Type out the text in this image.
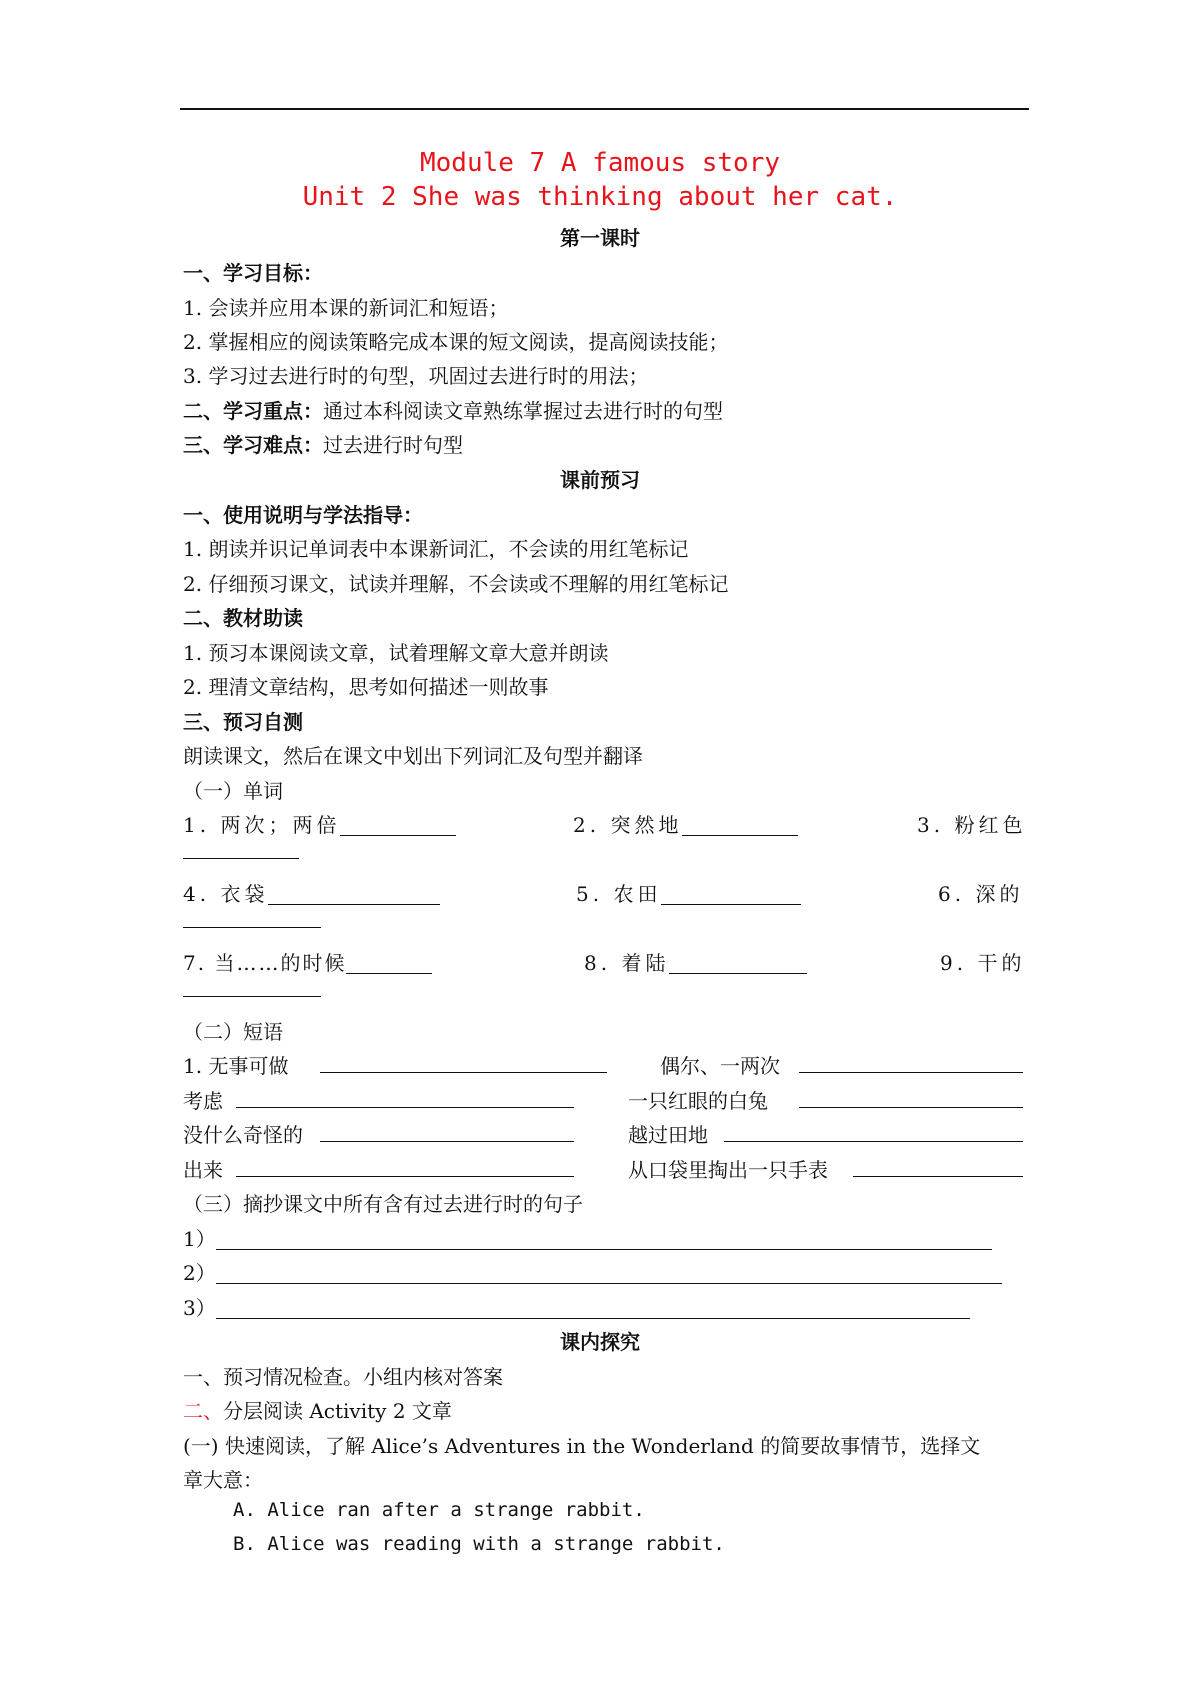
Module 7 A famous story
Unit 2 She was thinking about her cat.
第一课时
一、学习目标：
1. 会读并应用本课的新词汇和短语；
2. 掌握相应的阅读策略完成本课的短文阅读，提高阅读技能；
3. 学习过去进行时的句型，巩固过去进行时的用法；
二、学习重点：通过本科阅读文章熟练掌握过去进行时的句型
三、学习难点：过去进行时句型
课前预习
一、使用说明与学法指导：
1. 朗读并识记单词表中本课新词汇，不会读的用红笔标记
2. 仔细预习课文，试读并理解，不会读或不理解的用红笔标记
二、教材助读
1. 预习本课阅读文章，试着理解文章大意并朗读
2. 理清文章结构，思考如何描述一则故事
三、预习自测
朗读课文，然后在课文中划出下列词汇及句型并翻译
（一）单词
1. 两次；两倍	2. 突然地	3. 粉红色
4. 衣袋	5. 农田	6. 深的
7. 当……的时候	8. 着陆	9. 干的
（二）短语
1. 无事可做	偶尔、一两次
考虑	一只红眼的白兔
没什么奇怪的	越过田地
出来	从口袋里掏出一只手表
（三）摘抄课文中所有含有过去进行时的句子
1）
2）
3）
课内探究
一、预习情况检查。小组内核对答案
二、分层阅读 Activity 2 文章
(一) 快速阅读，了解 Alice’s Adventures in the Wonderland 的简要故事情节，选择文
章大意：
A. Alice ran after a strange rabbit.
B. Alice was reading with a strange rabbit.
